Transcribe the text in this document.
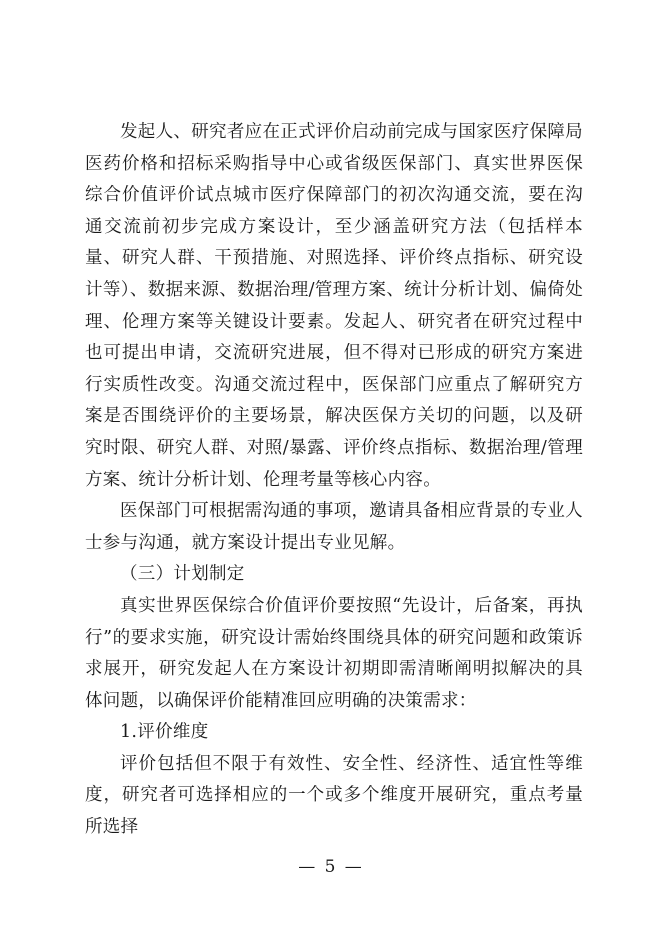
发起人、研究者应在正式评价启动前完成与国家医疗保障局医药价格和招标采购指导中心或省级医保部门、真实世界医保综合价值评价试点城市医疗保障部门的初次沟通交流，要在沟通交流前初步完成方案设计，至少涵盖研究方法（包括样本量、研究人群、干预措施、对照选择、评价终点指标、研究设计等）、数据来源、数据治理/管理方案、统计分析计划、偏倚处理、伦理方案等关键设计要素。发起人、研究者在研究过程中也可提出申请，交流研究进展，但不得对已形成的研究方案进行实质性改变。沟通交流过程中，医保部门应重点了解研究方案是否围绕评价的主要场景，解决医保方关切的问题，以及研究时限、研究人群、对照/暴露、评价终点指标、数据治理/管理方案、统计分析计划、伦理考量等核心内容。

医保部门可根据需沟通的事项，邀请具备相应背景的专业人士参与沟通，就方案设计提出专业见解。

（三）计划制定

真实世界医保综合价值评价要按照“先设计，后备案，再执行”的要求实施，研究设计需始终围绕具体的研究问题和政策诉求展开，研究发起人在方案设计初期即需清晰阐明拟解决的具体问题，以确保评价能精准回应明确的决策需求：

1.评价维度

评价包括但不限于有效性、安全性、经济性、适宜性等维度，研究者可选择相应的一个或多个维度开展研究，重点考量所选择

— 5 —
